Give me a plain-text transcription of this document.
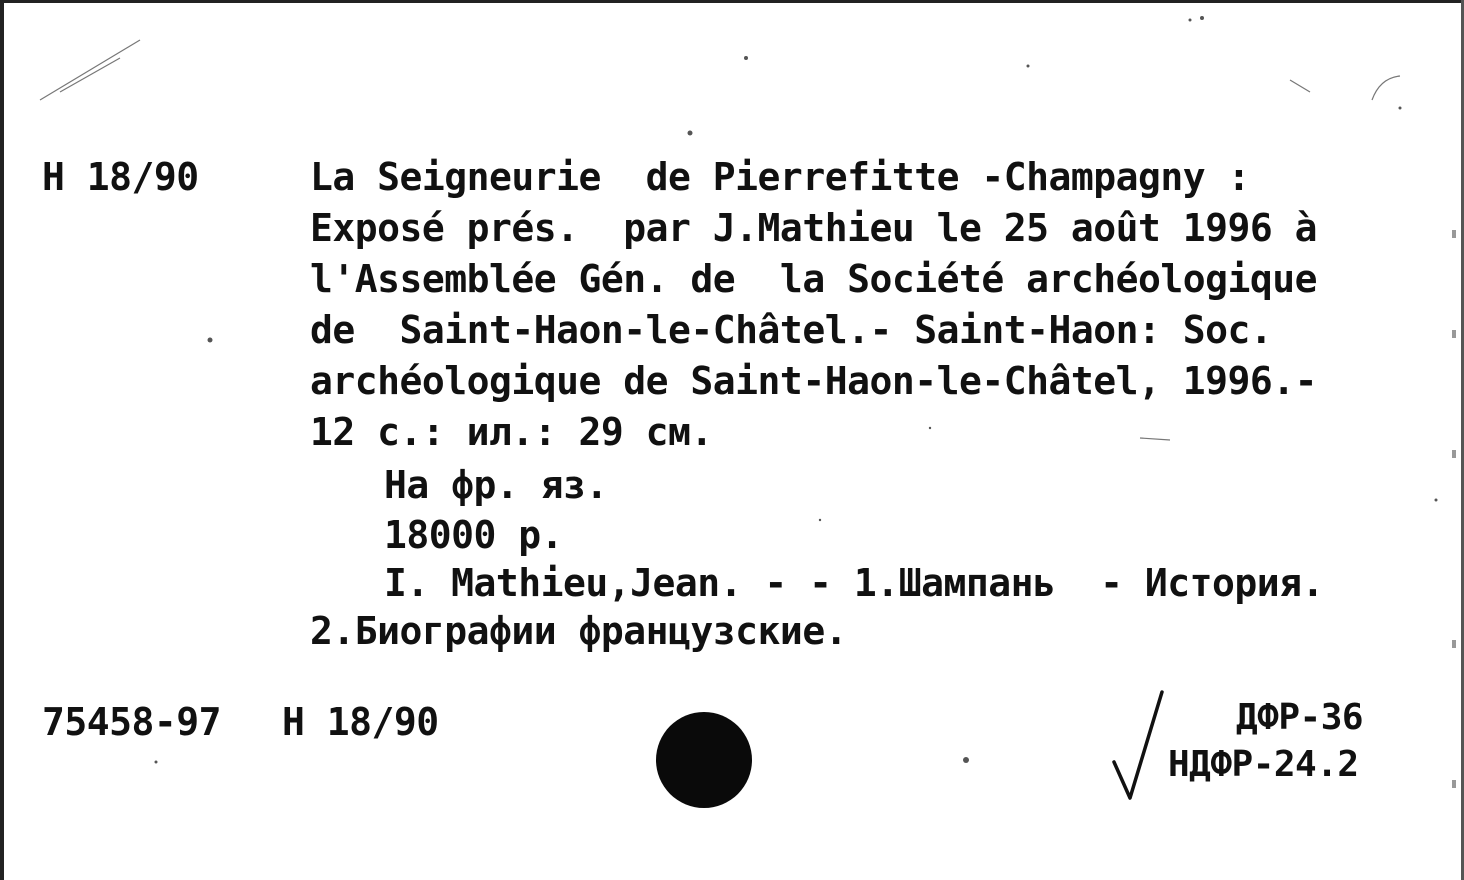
Н 18/90	La Seigneurie  de Pierrefitte -Champagny :
Exposé prés.  par J.Mathieu le 25 août 1996 à
l'Assemblée Gén. de  la Société archéologique
de  Saint-Haon-le-Châtel.- Saint-Haon: Soc.
archéologique de Saint-Haon-le-Châtel, 1996.-
12 с.: ил.: 29 см.
На фр. яз.
18000 р.
I. Mathieu,Jean. - - 1.Шампань  - История.
2.Биографии французские.
75458-97 Н 18/90	ДФР-36
НДФР-24.2
